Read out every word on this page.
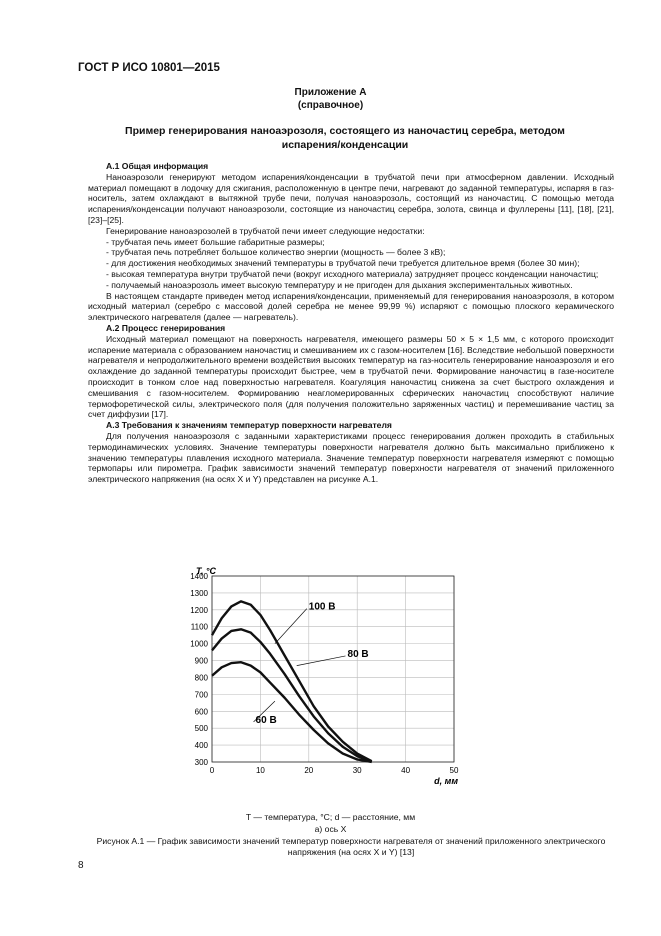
ГОСТ Р ИСО 10801—2015
Приложение А
(справочное)
Пример генерирования наноаэрозоля, состоящего из наночастиц серебра, методом испарения/конденсации
А.1 Общая информация

Наноаэрозоли генерируют методом испарения/конденсации в трубчатой печи при атмосферном давлении. Исходный материал помещают в лодочку для сжигания, расположенную в центре печи, нагревают до заданной температуры, испаряя в газ-носитель, затем охлаждают в вытяжной трубе печи, получая наноаэрозоль, состоящий из наночастиц. С помощью метода испарения/конденсации получают наноаэрозоли, состоящие из наночастиц серебра, золота, свинца и фуллерены [11], [18], [21], [23]–[25].

Генерирование наноаэрозолей в трубчатой печи имеет следующие недостатки:

- трубчатая печь имеет большие габаритные размеры;

- трубчатая печь потребляет большое количество энергии (мощность — более 3 кВ);

- для достижения необходимых значений температуры в трубчатой печи требуется длительное время (более 30 мин);

- высокая температура внутри трубчатой печи (вокруг исходного материала) затрудняет процесс конденсации наночастиц;

- получаемый наноаэрозоль имеет высокую температуру и не пригоден для дыхания экспериментальных животных.

В настоящем стандарте приведен метод испарения/конденсации, применяемый для генерирования наноаэрозоля, в котором исходный материал (серебро с массовой долей серебра не менее 99,99 %) испаряют с помощью плоского керамического электрического нагревателя (далее — нагреватель).

А.2 Процесс генерирования

Исходный материал помещают на поверхность нагревателя, имеющего размеры 50 × 5 × 1,5 мм, с которого происходит испарение материала с образованием наночастиц и смешиванием их с газом-носителем [16]. Вследствие небольшой поверхности нагревателя и непродолжительного времени воздействия высоких температур на газ-носитель генерирование наноаэрозоля и его охлаждение до заданной температуры происходит быстрее, чем в трубчатой печи. Формирование наночастиц в газе-носителе происходит в тонком слое над поверхностью нагревателя. Коагуляция наночастиц снижена за счет быстрого охлаждения и смешивания с газом-носителем. Формированию неагломерированных сферических наночастиц способствуют наличие термофоретической силы, электрического поля (для получения положительно заряженных частиц) и перемешивание частиц за счет диффузии [17].

А.3 Требования к значениям температур поверхности нагревателя

Для получения наноаэрозоля с заданными характеристиками процесс генерирования должен проходить в стабильных термодинамических условиях. Значение температуры поверхности нагревателя должно быть максимально приближено к значению температуры плавления исходного материала. Значение температур поверхности нагревателя измеряют с помощью термопары или пирометра. График зависимости значений температур поверхности нагревателя от значений приложенного электрического напряжения (на осях X и Y) представлен на рисунке А.1.

300
400
500
600
700
800
900
1000
1100
1200
1300
1400
0	10	20	30	40	50
T, °C
d, мм
100 В
80 В
60 В
T — температура, °C; d — расстояние, мм
а) ось X
Рисунок А.1 — График зависимости значений температур поверхности нагревателя от значений приложенного электрического напряжения (на осях X и Y) [13]
8
